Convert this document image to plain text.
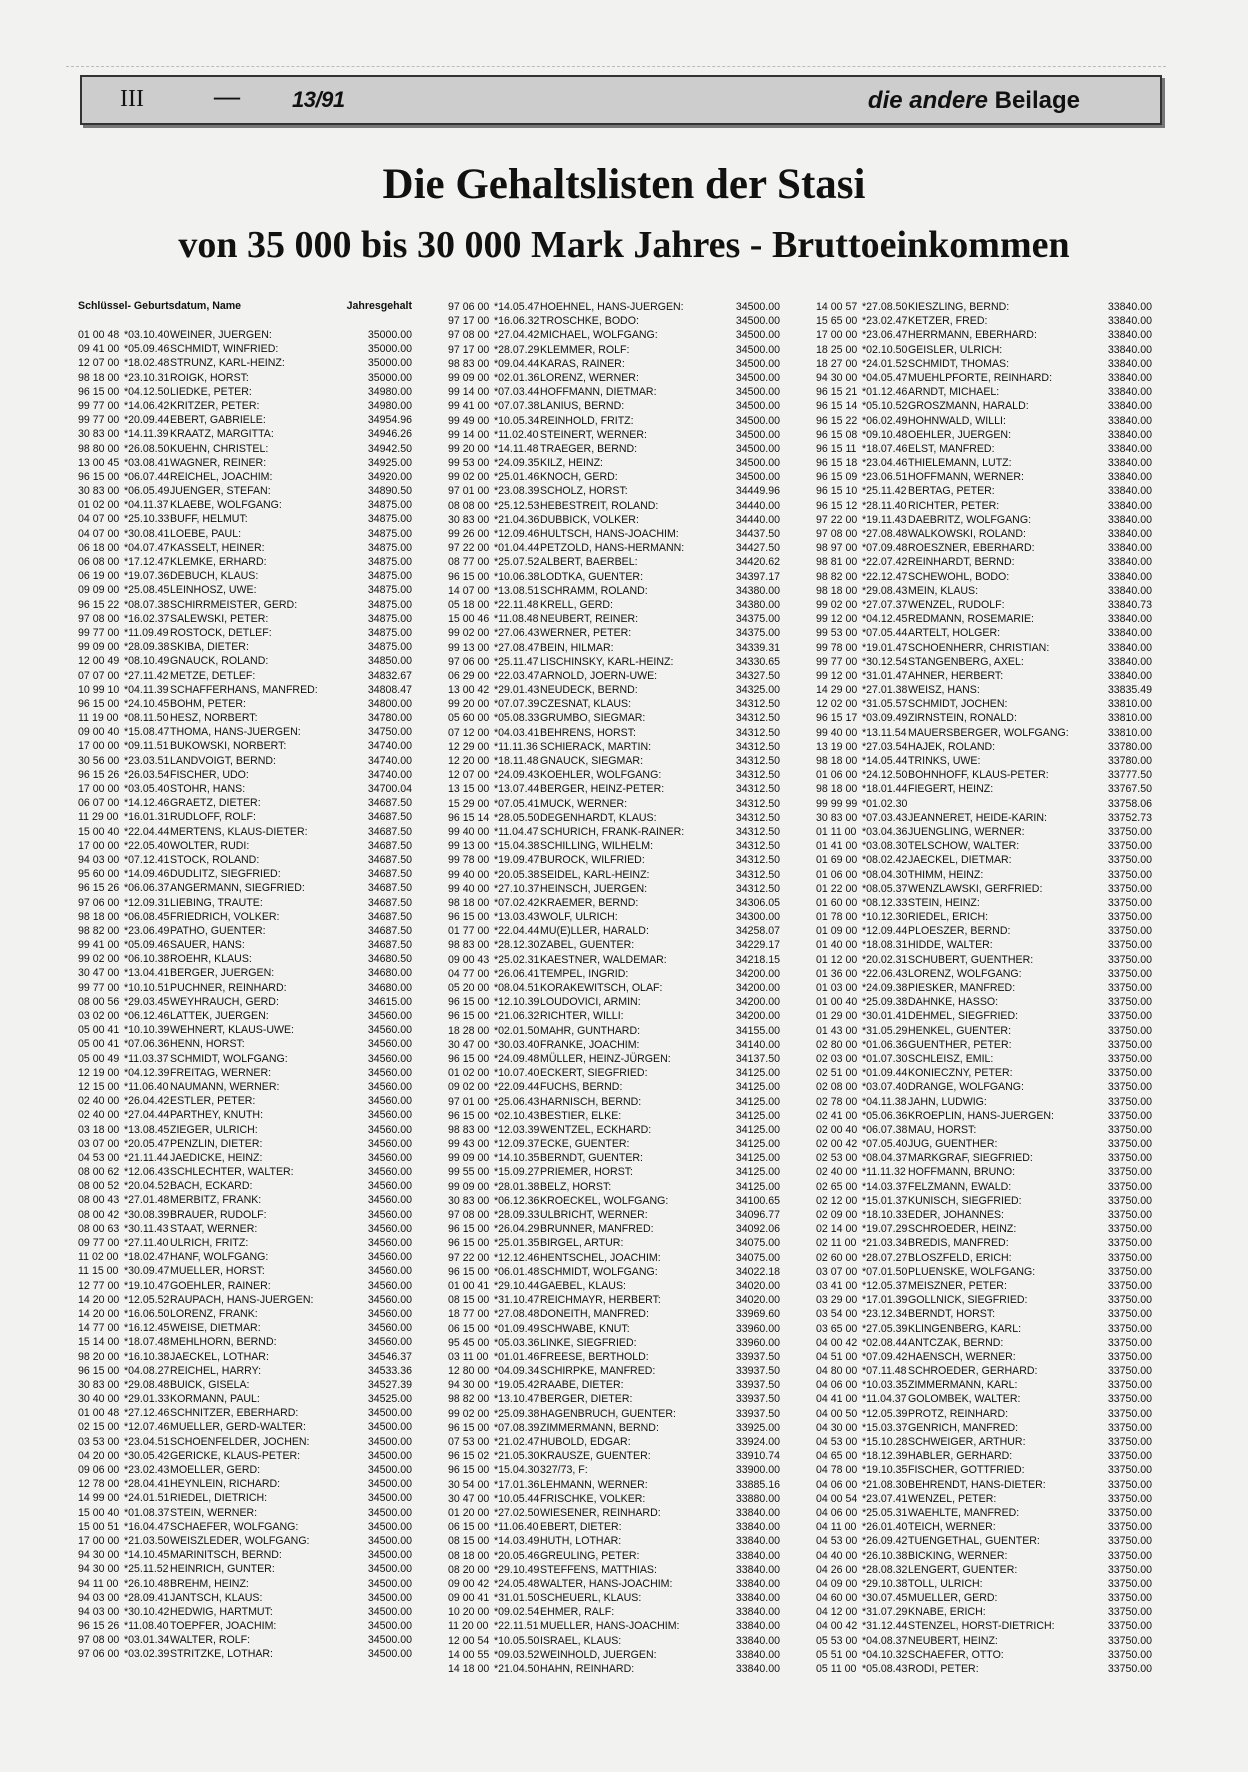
III	— 13/91	die andere Beilage
Die Gehaltslisten der Stasi
von 35 000 bis 30 000 Mark Jahres - Bruttoeinkommen
Schlüssel- Geburtsdatum, Name	Jahresgehalt
01 00 48 *03.10.40 WEINER, JUERGEN:	35000.00
09 41 00 *05.09.46 SCHMIDT, WINFRIED:	35000.00
12 07 00 *18.02.48 STRUNZ, KARL-HEINZ:	35000.00
98 18 00 *23.10.31 ROIGK, HORST:	35000.00
96 15 00 *04.12.50 LIEDKE, PETER:	34980.00
99 77 00 *14.06.42 KRITZER, PETER:	34980.00
99 77 00 *20.09.44 EBERT, GABRIELE:	34954.96
30 83 00 *14.11.39 KRAATZ, MARGITTA:	34946.26
98 80 00 *26.08.50 KUEHN, CHRISTEL:	34942.50
13 00 45 *03.08.41 WAGNER, REINER:	34925.00
96 15 00 *06.07.44 REICHEL, JOACHIM:	34920.00
30 83 00 *06.05.49 JUENGER, STEFAN:	34890.50
01 02 00 *04.11.37 KLAEBE, WOLFGANG:	34875.00
04 07 00 *25.10.33 BUFF, HELMUT:	34875.00
04 07 00 *30.08.41 LOEBE, PAUL:	34875.00
06 18 00 *04.07.47 KASSELT, HEINER:	34875.00
06 08 00 *17.12.47 KLEMKE, ERHARD:	34875.00
06 19 00 *19.07.36 DEBUCH, KLAUS:	34875.00
09 09 00 *25.08.45 LEINHOSZ, UWE:	34875.00
96 15 22 *08.07.38 SCHIRRMEISTER, GERD:	34875.00
97 08 00 *16.02.37 SALEWSKI, PETER:	34875.00
99 77 00 *11.09.49 ROSTOCK, DETLEF:	34875.00
99 09 00 *28.09.38 SKIBA, DIETER:	34875.00
12 00 49 *08.10.49 GNAUCK, ROLAND:	34850.00
07 07 00 *27.11.42 METZE, DETLEF:	34832.67
10 99 10 *04.11.39 SCHAFFERHANS, MANFRED:	34808.47
96 15 00 *24.10.45 BOHM, PETER:	34800.00
11 19 00 *08.11.50 HESZ, NORBERT:	34780.00
09 00 40 *15.08.47 THOMA, HANS-JUERGEN:	34750.00
17 00 00 *09.11.51 BUKOWSKI, NORBERT:	34740.00
30 56 00 *23.03.51 LANDVOIGT, BERND:	34740.00
96 15 26 *26.03.54 FISCHER, UDO:	34740.00
17 00 00 *03.05.40 STOHR, HANS:	34700.04
06 07 00 *14.12.46 GRAETZ, DIETER:	34687.50
11 29 00 *16.01.31 RUDLOFF, ROLF:	34687.50
15 00 40 *22.04.44 MERTENS, KLAUS-DIETER:	34687.50
17 00 00 *22.05.40 WOLTER, RUDI:	34687.50
94 03 00 *07.12.41 STOCK, ROLAND:	34687.50
95 60 00 *14.09.46 DUDLITZ, SIEGFRIED:	34687.50
96 15 26 *06.06.37 ANGERMANN, SIEGFRIED:	34687.50
97 06 00 *12.09.31 LIEBING, TRAUTE:	34687.50
98 18 00 *06.08.45 FRIEDRICH, VOLKER:	34687.50
98 82 00 *23.06.49 PATHO, GUENTER:	34687.50
99 41 00 *05.09.46 SAUER, HANS:	34687.50
99 02 00 *06.10.38 ROEHR, KLAUS:	34680.50
30 47 00 *13.04.41 BERGER, JUERGEN:	34680.00
99 77 00 *10.10.51 PUCHNER, REINHARD:	34680.00
08 00 56 *29.03.45 WEYHRAUCH, GERD:	34615.00
03 02 00 *06.12.46 LATTEK, JUERGEN:	34560.00
05 00 41 *10.10.39 WEHNERT, KLAUS-UWE:	34560.00
05 00 41 *07.06.36 HENN, HORST:	34560.00
05 00 49 *11.03.37 SCHMIDT, WOLFGANG:	34560.00
12 19 00 *04.12.39 FREITAG, WERNER:	34560.00
12 15 00 *11.06.40 NAUMANN, WERNER:	34560.00
02 40 00 *26.04.42 ESTLER, PETER:	34560.00
02 40 00 *27.04.44 PARTHEY, KNUTH:	34560.00
03 18 00 *13.08.45 ZIEGER, ULRICH:	34560.00
03 07 00 *20.05.47 PENZLIN, DIETER:	34560.00
04 53 00 *21.11.44 JAEDICKE, HEINZ:	34560.00
08 00 62 *12.06.43 SCHLECHTER, WALTER:	34560.00
08 00 52 *20.04.52 BACH, ECKARD:	34560.00
08 00 43 *27.01.48 MERBITZ, FRANK:	34560.00
08 00 42 *30.08.39 BRAUER, RUDOLF:	34560.00
08 00 63 *30.11.43 STAAT, WERNER:	34560.00
09 77 00 *27.11.40 ULRICH, FRITZ:	34560.00
11 02 00 *18.02.47 HANF, WOLFGANG:	34560.00
11 15 00 *30.09.47 MUELLER, HORST:	34560.00
12 77 00 *19.10.47 GOEHLER, RAINER:	34560.00
14 20 00 *12.05.52 RAUPACH, HANS-JUERGEN:	34560.00
14 20 00 *16.06.50 LORENZ, FRANK:	34560.00
14 77 00 *16.12.45 WEISE, DIETMAR:	34560.00
15 14 00 *18.07.48 MEHLHORN, BERND:	34560.00
98 20 00 *16.10.38 JAECKEL, LOTHAR:	34546.37
96 15 00 *04.08.27 REICHEL, HARRY:	34533.36
30 83 00 *29.08.48 BUICK, GISELA:	34527.39
30 40 00 *29.01.33 KORMANN, PAUL:	34525.00
01 00 48 *27.12.46 SCHNITZER, EBERHARD:	34500.00
02 15 00 *12.07.46 MUELLER, GERD-WALTER:	34500.00
03 53 00 *23.04.51 SCHOENFELDER, JOCHEN:	34500.00
04 20 00 *30.05.42 GERICKE, KLAUS-PETER:	34500.00
09 06 00 *23.02.43 MOELLER, GERD:	34500.00
12 78 00 *28.04.41 HEYNLEIN, RICHARD:	34500.00
14 99 00 *24.01.51 RIEDEL, DIETRICH:	34500.00
15 00 40 *01.08.37 STEIN, WERNER:	34500.00
15 00 51 *16.04.47 SCHAEFER, WOLFGANG:	34500.00
17 00 00 *21.03.50 WEISZLEDER, WOLFGANG:	34500.00
94 30 00 *14.10.45 MARINITSCH, BERND:	34500.00
94 30 00 *25.11.52 HEINRICH, GUNTER:	34500.00
94 11 00 *26.10.48 BREHM, HEINZ:	34500.00
94 03 00 *28.09.41 JANTSCH, KLAUS:	34500.00
94 03 00 *30.10.42 HEDWIG, HARTMUT:	34500.00
96 15 26 *11.08.40 TOEPFER, JOACHIM:	34500.00
97 08 00 *03.01.34 WALTER, ROLF:	34500.00
97 06 00 *03.02.39 STRITZKE, LOTHAR:	34500.00
97 06 00 *14.05.47 HOEHNEL, HANS-JUERGEN:	34500.00
97 17 00 *16.06.32 TROSCHKE, BODO:	34500.00
97 08 00 *27.04.42 MICHAEL, WOLFGANG:	34500.00
97 17 00 *28.07.29 KLEMMER, ROLF:	34500.00
98 83 00 *09.04.44 KARAS, RAINER:	34500.00
99 09 00 *02.01.36 LORENZ, WERNER:	34500.00
99 14 00 *07.03.44 HOFFMANN, DIETMAR:	34500.00
99 41 00 *07.07.38 LANIUS, BERND:	34500.00
99 49 00 *10.05.34 REINHOLD, FRITZ:	34500.00
99 14 00 *11.02.40 STEINERT, WERNER:	34500.00
99 20 00 *14.11.48 TRAEGER, BERND:	34500.00
99 53 00 *24.09.35 KILZ, HEINZ:	34500.00
99 02 00 *25.01.46 KNOCH, GERD:	34500.00
97 01 00 *23.08.39 SCHOLZ, HORST:	34449.96
08 08 00 *25.12.53 HEBESTREIT, ROLAND:	34440.00
30 83 00 *21.04.36 DUBBICK, VOLKER:	34440.00
99 26 00 *12.09.46 HULTSCH, HANS-JOACHIM:	34437.50
97 22 00 *01.04.44 PETZOLD, HANS-HERMANN:	34427.50
08 77 00 *25.07.52 ALBERT, BAERBEL:	34420.62
96 15 00 *10.06.38 LODTKA, GUENTER:	34397.17
14 07 00 *13.08.51 SCHRAMM, ROLAND:	34380.00
05 18 00 *22.11.48 KRELL, GERD:	34380.00
15 00 46 *11.08.48 NEUBERT, REINER:	34375.00
99 02 00 *27.06.43 WERNER, PETER:	34375.00
99 13 00 *27.08.47 BEIN, HILMAR:	34339.31
97 06 00 *25.11.47 LISCHINSKY, KARL-HEINZ:	34330.65
06 29 00 *22.03.47 ARNOLD, JOERN-UWE:	34327.50
13 00 42 *29.01.43 NEUDECK, BERND:	34325.00
99 20 00 *07.07.39 CZESNAT, KLAUS:	34312.50
05 60 00 *05.08.33 GRUMBO, SIEGMAR:	34312.50
07 12 00 *04.03.41 BEHRENS, HORST:	34312.50
12 29 00 *11.11.36 SCHIERACK, MARTIN:	34312.50
12 20 00 *18.11.48 GNAUCK, SIEGMAR:	34312.50
12 07 00 *24.09.43 KOEHLER, WOLFGANG:	34312.50
13 15 00 *13.07.44 BERGER, HEINZ-PETER:	34312.50
15 29 00 *07.05.41 MUCK, WERNER:	34312.50
96 15 14 *28.05.50 DEGENHARDT, KLAUS:	34312.50
99 40 00 *11.04.47 SCHURICH, FRANK-RAINER:	34312.50
99 13 00 *15.04.38 SCHILLING, WILHELM:	34312.50
99 78 00 *19.09.47 BUROCK, WILFRIED:	34312.50
99 40 00 *20.05.38 SEIDEL, KARL-HEINZ:	34312.50
99 40 00 *27.10.37 HEINSCH, JUERGEN:	34312.50
98 18 00 *07.02.42 KRAEMER, BERND:	34306.05
96 15 00 *13.03.43 WOLF, ULRICH:	34300.00
01 77 00 *22.04.44 MU(E)LLER, HARALD:	34258.07
98 83 00 *28.12.30 ZABEL, GUENTER:	34229.17
09 00 43 *25.02.31 KAESTNER, WALDEMAR:	34218.15
04 77 00 *26.06.41 TEMPEL, INGRID:	34200.00
05 20 00 *08.04.51 KORAKEWITSCH, OLAF:	34200.00
96 15 00 *12.10.39 LOUDOVICI, ARMIN:	34200.00
96 15 00 *21.06.32 RICHTER, WILLI:	34200.00
18 28 00 *02.01.50 MAHR, GUNTHARD:	34155.00
30 47 00 *30.03.40 FRANKE, JOACHIM:	34140.00
96 15 00 *24.09.48 MÜLLER, HEINZ-JÜRGEN:	34137.50
01 02 00 *10.07.40 ECKERT, SIEGFRIED:	34125.00
09 02 00 *22.09.44 FUCHS, BERND:	34125.00
97 01 00 *25.06.43 HARNISCH, BERND:	34125.00
96 15 00 *02.10.43 BESTIER, ELKE:	34125.00
98 83 00 *12.03.39 WENTZEL, ECKHARD:	34125.00
99 43 00 *12.09.37 ECKE, GUENTER:	34125.00
99 09 00 *14.10.35 BERNDT, GUENTER:	34125.00
99 55 00 *15.09.27 PRIEMER, HORST:	34125.00
99 09 00 *28.01.38 BELZ, HORST:	34125.00
30 83 00 *06.12.36 KROECKEL, WOLFGANG:	34100.65
97 08 00 *28.09.33 ULBRICHT, WERNER:	34096.77
96 15 00 *26.04.29 BRUNNER, MANFRED:	34092.06
96 15 00 *25.01.35 BIRGEL, ARTUR:	34075.00
97 22 00 *12.12.46 HENTSCHEL, JOACHIM:	34075.00
96 15 00 *06.01.48 SCHMIDT, WOLFGANG:	34022.18
01 00 41 *29.10.44 GAEBEL, KLAUS:	34020.00
08 15 00 *31.10.47 REICHMAYR, HERBERT:	34020.00
18 77 00 *27.08.48 DONEITH, MANFRED:	33969.60
06 15 00 *01.09.49 SCHWABE, KNUT:	33960.00
95 45 00 *05.03.36 LINKE, SIEGFRIED:	33960.00
03 11 00 *01.01.46 FREESE, BERTHOLD:	33937.50
12 80 00 *04.09.34 SCHIRPKE, MANFRED:	33937.50
94 30 00 *19.05.42 RAABE, DIETER:	33937.50
98 82 00 *13.10.47 BERGER, DIETER:	33937.50
99 02 00 *25.09.38 HAGENBRUCH, GUENTER:	33937.50
96 15 00 *07.08.39 ZIMMERMANN, BERND:	33925.00
07 53 00 *21.02.47 HUBOLD, EDGAR:	33924.00
96 15 02 *21.05.30 KRAUSZE, GUENTER:	33910.74
96 15 00 *15.04.30 327/73, F:	33900.00
30 54 00 *17.01.36 LEHMANN, WERNER:	33885.16
30 47 00 *10.05.44 FRISCHKE, VOLKER:	33880.00
01 20 00 *27.02.50 WIESENER, REINHARD:	33840.00
06 15 00 *11.06.40 EBERT, DIETER:	33840.00
08 15 00 *14.03.49 HUTH, LOTHAR:	33840.00
08 18 00 *20.05.46 GREULING, PETER:	33840.00
08 20 00 *29.10.49 STEFFENS, MATTHIAS:	33840.00
09 00 42 *24.05.48 WALTER, HANS-JOACHIM:	33840.00
09 00 41 *31.01.50 SCHEUERL, KLAUS:	33840.00
10 20 00 *09.02.54 EHMER, RALF:	33840.00
11 20 00 *22.11.51 MUELLER, HANS-JOACHIM:	33840.00
12 00 54 *10.05.50 ISRAEL, KLAUS:	33840.00
14 00 55 *09.03.52 WEINHOLD, JUERGEN:	33840.00
14 18 00 *21.04.50 HAHN, REINHARD:	33840.00
14 00 57 *27.08.50 KIESZLING, BERND:	33840.00
15 65 00 *23.02.47 KETZER, FRED:	33840.00
17 00 00 *23.06.47 HERRMANN, EBERHARD:	33840.00
18 25 00 *02.10.50 GEISLER, ULRICH:	33840.00
18 27 00 *24.01.52 SCHMIDT, THOMAS:	33840.00
94 30 00 *04.05.47 MUEHLPFORTE, REINHARD:	33840.00
96 15 21 *01.12.46 ARNDT, MICHAEL:	33840.00
96 15 14 *05.10.52 GROSZMANN, HARALD:	33840.00
96 15 22 *06.02.49 HOHNWALD, WILLI:	33840.00
96 15 08 *09.10.48 OEHLER, JUERGEN:	33840.00
96 15 11 *18.07.46 ELST, MANFRED:	33840.00
96 15 18 *23.04.46 THIELEMANN, LUTZ:	33840.00
96 15 09 *23.06.51 HOFFMANN, WERNER:	33840.00
96 15 10 *25.11.42 BERTAG, PETER:	33840.00
96 15 12 *28.11.40 RICHTER, PETER:	33840.00
97 22 00 *19.11.43 DAEBRITZ, WOLFGANG:	33840.00
97 08 00 *27.08.48 WALKOWSKI, ROLAND:	33840.00
98 97 00 *07.09.48 ROESZNER, EBERHARD:	33840.00
98 81 00 *22.07.42 REINHARDT, BERND:	33840.00
98 82 00 *22.12.47 SCHEWOHL, BODO:	33840.00
98 18 00 *29.08.43 MEIN, KLAUS:	33840.00
99 02 00 *27.07.37 WENZEL, RUDOLF:	33840.73
99 12 00 *04.12.45 REDMANN, ROSEMARIE:	33840.00
99 53 00 *07.05.44 ARTELT, HOLGER:	33840.00
99 78 00 *19.01.47 SCHOENHERR, CHRISTIAN:	33840.00
99 77 00 *30.12.54 STANGENBERG, AXEL:	33840.00
99 12 00 *31.01.47 AHNER, HERBERT:	33840.00
14 29 00 *27.01.38 WEISZ, HANS:	33835.49
12 02 00 *31.05.57 SCHMIDT, JOCHEN:	33810.00
96 15 17 *03.09.49 ZIRNSTEIN, RONALD:	33810.00
99 40 00 *13.11.54 MAUERSBERGER, WOLFGANG:	33810.00
13 19 00 *27.03.54 HAJEK, ROLAND:	33780.00
98 18 00 *14.05.44 TRINKS, UWE:	33780.00
01 06 00 *24.12.50 BOHNHOFF, KLAUS-PETER:	33777.50
98 18 00 *18.01.44 FIEGERT, HEINZ:	33767.50
99 99 99 *01.02.30	33758.06
30 83 00 *07.03.43 JEANNERET, HEIDE-KARIN:	33752.73
01 11 00 *03.04.36 JUENGLING, WERNER:	33750.00
01 41 00 *03.08.30 TELSCHOW, WALTER:	33750.00
01 69 00 *08.02.42 JAECKEL, DIETMAR:	33750.00
01 06 00 *08.04.30 THIMM, HEINZ:	33750.00
01 22 00 *08.05.37 WENZLAWSKI, GERFRIED:	33750.00
01 60 00 *08.12.33 STEIN, HEINZ:	33750.00
01 78 00 *10.12.30 RIEDEL, ERICH:	33750.00
01 09 00 *12.09.44 PLOESZER, BERND:	33750.00
01 40 00 *18.08.31 HIDDE, WALTER:	33750.00
01 12 00 *20.02.31 SCHUBERT, GUENTHER:	33750.00
01 36 00 *22.06.43 LORENZ, WOLFGANG:	33750.00
01 03 00 *24.09.38 PIESKER, MANFRED:	33750.00
01 00 40 *25.09.38 DAHNKE, HASSO:	33750.00
01 29 00 *30.01.41 DEHMEL, SIEGFRIED:	33750.00
01 43 00 *31.05.29 HENKEL, GUENTER:	33750.00
02 80 00 *01.06.36 GUENTHER, PETER:	33750.00
02 03 00 *01.07.30 SCHLEISZ, EMIL:	33750.00
02 51 00 *01.09.44 KONIECZNY, PETER:	33750.00
02 08 00 *03.07.40 DRANGE, WOLFGANG:	33750.00
02 78 00 *04.11.38 JAHN, LUDWIG:	33750.00
02 41 00 *05.06.36 KROEPLIN, HANS-JUERGEN:	33750.00
02 00 40 *06.07.38 MAU, HORST:	33750.00
02 00 42 *07.05.40 JUG, GUENTHER:	33750.00
02 53 00 *08.04.37 MARKGRAF, SIEGFRIED:	33750.00
02 40 00 *11.11.32 HOFFMANN, BRUNO:	33750.00
02 65 00 *14.03.37 FELZMANN, EWALD:	33750.00
02 12 00 *15.01.37 KUNISCH, SIEGFRIED:	33750.00
02 09 00 *18.10.33 EDER, JOHANNES:	33750.00
02 14 00 *19.07.29 SCHROEDER, HEINZ:	33750.00
02 11 00 *21.03.34 BREDIS, MANFRED:	33750.00
02 60 00 *28.07.27 BLOSZFELD, ERICH:	33750.00
03 07 00 *07.01.50 PLUENSKE, WOLFGANG:	33750.00
03 41 00 *12.05.37 MEISZNER, PETER:	33750.00
03 29 00 *17.01.39 GOLLNICK, SIEGFRIED:	33750.00
03 54 00 *23.12.34 BERNDT, HORST:	33750.00
03 65 00 *27.05.39 KLINGENBERG, KARL:	33750.00
04 00 42 *02.08.44 ANTCZAK, BERND:	33750.00
04 51 00 *07.09.42 HAENSCH, WERNER:	33750.00
04 80 00 *07.11.48 SCHROEDER, GERHARD:	33750.00
04 06 00 *10.03.35 ZIMMERMANN, KARL:	33750.00
04 41 00 *11.04.37 GOLOMBEK, WALTER:	33750.00
04 00 50 *12.05.39 PROTZ, REINHARD:	33750.00
04 30 00 *15.03.37 GENRICH, MANFRED:	33750.00
04 53 00 *15.10.28 SCHWEIGER, ARTHUR:	33750.00
04 65 00 *18.12.39 HABLER, GERHARD:	33750.00
04 78 00 *19.10.35 FISCHER, GOTTFRIED:	33750.00
04 06 00 *21.08.30 BEHRENDT, HANS-DIETER:	33750.00
04 00 54 *23.07.41 WENZEL, PETER:	33750.00
04 06 00 *25.05.31 WAEHLTE, MANFRED:	33750.00
04 11 00 *26.01.40 TEICH, WERNER:	33750.00
04 53 00 *26.09.42 TUENGETHAL, GUENTER:	33750.00
04 40 00 *26.10.38 BICKING, WERNER:	33750.00
04 26 00 *28.08.32 LENGERT, GUENTER:	33750.00
04 09 00 *29.10.38 TOLL, ULRICH:	33750.00
04 60 00 *30.07.45 MUELLER, GERD:	33750.00
04 12 00 *31.07.29 KNABE, ERICH:	33750.00
04 00 42 *31.12.44 STENZEL, HORST-DIETRICH:	33750.00
05 53 00 *04.08.37 NEUBERT, HEINZ:	33750.00
05 51 00 *04.10.32 SCHAEFER, OTTO:	33750.00
05 11 00 *05.08.43 RODI, PETER:	33750.00
